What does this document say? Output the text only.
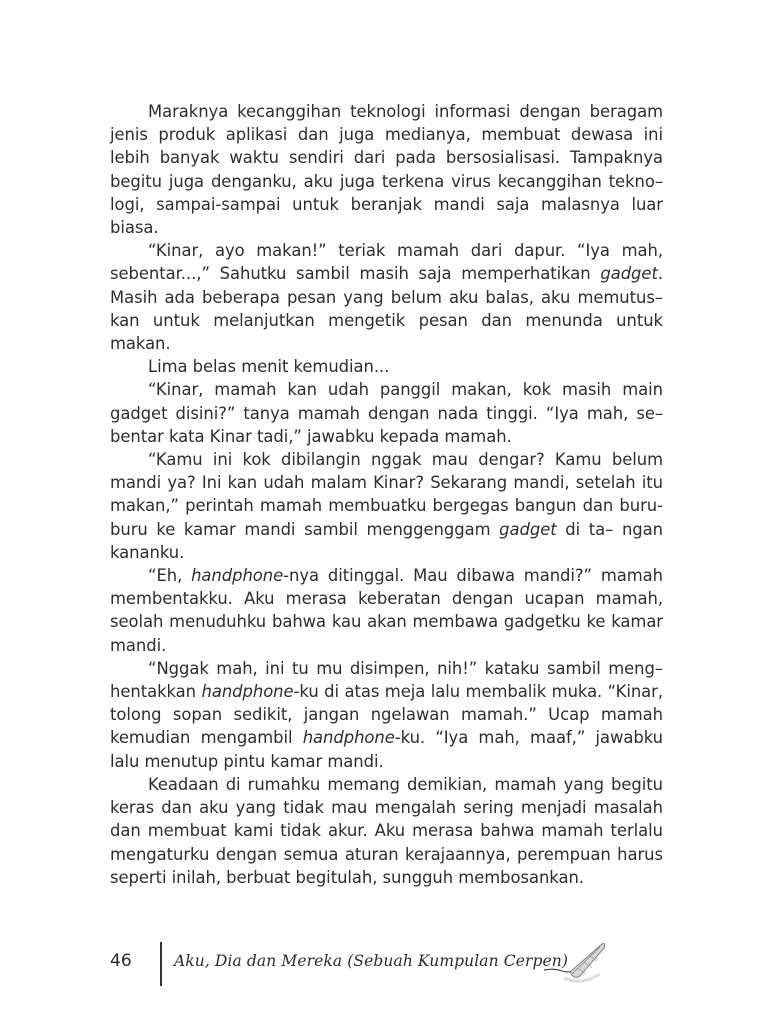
Maraknya kecanggihan teknologi informasi dengan beragam jenis produk aplikasi dan juga medianya, membuat dewasa ini lebih banyak waktu sendiri dari pada bersosialisasi. Tampaknya begitu juga denganku, aku juga terkena virus kecanggihan tekno– logi, sampai-sampai untuk beranjak mandi saja malasnya luar biasa.

“Kinar, ayo makan!” teriak mamah dari dapur. “Iya mah, sebentar...,” Sahutku sambil masih saja memperhatikan gadget. Masih ada beberapa pesan yang belum aku balas, aku memutus– kan untuk melanjutkan mengetik pesan dan menunda untuk makan.

Lima belas menit kemudian...

“Kinar, mamah kan udah panggil makan, kok masih main gadget disini?” tanya mamah dengan nada tinggi. “Iya mah, se– bentar kata Kinar tadi,” jawabku kepada mamah.

“Kamu ini kok dibilangin nggak mau dengar? Kamu belum mandi ya? Ini kan udah malam Kinar? Sekarang mandi, setelah itu makan,” perintah mamah membuatku bergegas bangun dan buru-buru ke kamar mandi sambil menggenggam gadget di ta– ngan kananku.

“Eh, handphone-nya ditinggal. Mau dibawa mandi?” mamah membentakku. Aku merasa keberatan dengan ucapan mamah, seolah menuduhku bahwa kau akan membawa gadgetku ke kamar mandi.

“Nggak mah, ini tu mu disimpen, nih!” kataku sambil meng– hentakkan handphone-ku di atas meja lalu membalik muka. “Kinar, tolong sopan sedikit, jangan ngelawan mamah.” Ucap mamah kemudian mengambil handphone-ku. “Iya mah, maaf,” jawabku lalu menutup pintu kamar mandi.

Keadaan di rumahku memang demikian, mamah yang begitu keras dan aku yang tidak mau mengalah sering menjadi masalah dan membuat kami tidak akur. Aku merasa bahwa mamah terlalu mengaturku dengan semua aturan kerajaannya, perempuan harus seperti inilah, berbuat begitulah, sungguh membosankan.

46	Aku, Dia dan Mereka (Sebuah Kumpulan Cerpen)
